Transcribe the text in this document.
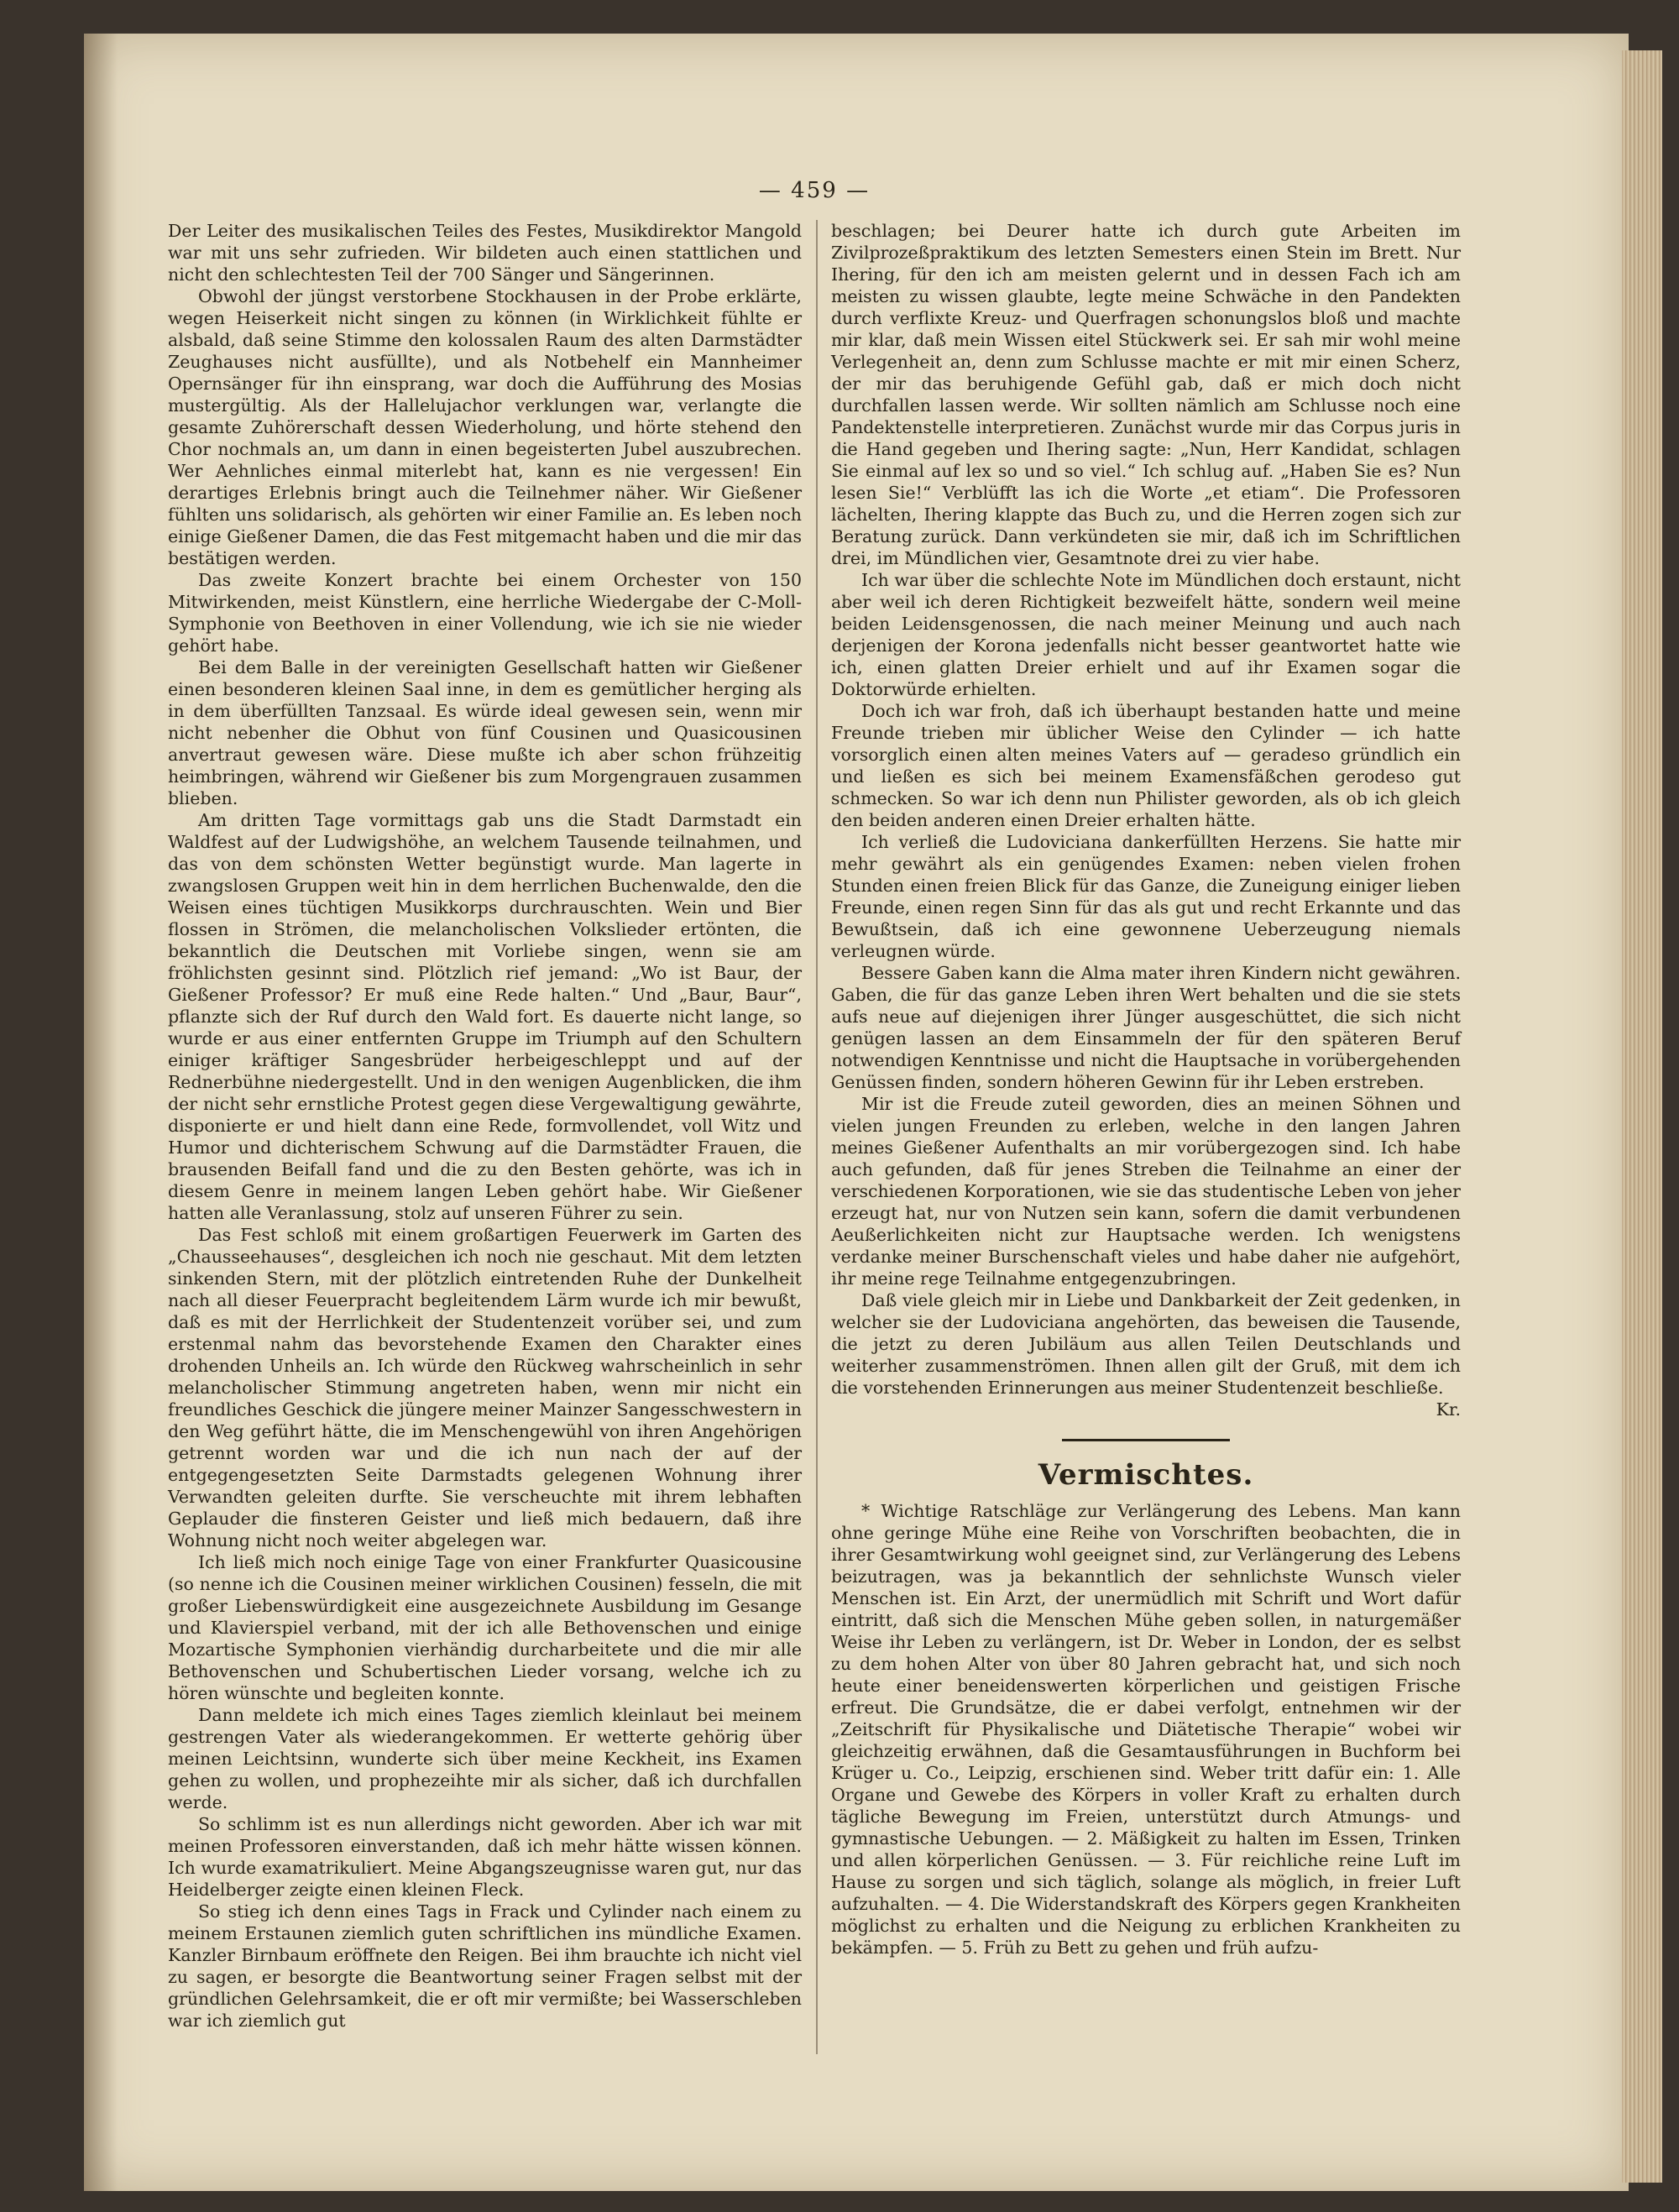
— 459 —

Der Leiter des musikalischen Teiles des Festes, Musikdirektor Mangold war mit uns sehr zufrieden. Wir bildeten auch einen stattlichen und nicht den schlechtesten Teil der 700 Sänger und Sängerinnen.

Obwohl der jüngst verstorbene Stockhausen in der Probe erklärte, wegen Heiserkeit nicht singen zu können (in Wirklichkeit fühlte er alsbald, daß seine Stimme den kolossalen Raum des alten Darmstädter Zeughauses nicht ausfüllte), und als Notbehelf ein Mannheimer Opernsänger für ihn einsprang, war doch die Aufführung des Mosias mustergültig. Als der Hallelujachor verklungen war, verlangte die gesamte Zuhörerschaft dessen Wiederholung, und hörte stehend den Chor nochmals an, um dann in einen begeisterten Jubel auszubrechen. Wer Aehnliches einmal miterlebt hat, kann es nie vergessen! Ein derartiges Erlebnis bringt auch die Teilnehmer näher. Wir Gießener fühlten uns solidarisch, als gehörten wir einer Familie an. Es leben noch einige Gießener Damen, die das Fest mitgemacht haben und die mir das bestätigen werden.

Das zweite Konzert brachte bei einem Orchester von 150 Mitwirkenden, meist Künstlern, eine herrliche Wiedergabe der C-Moll-Symphonie von Beethoven in einer Vollendung, wie ich sie nie wieder gehört habe.

Bei dem Balle in der vereinigten Gesellschaft hatten wir Gießener einen besonderen kleinen Saal inne, in dem es gemütlicher herging als in dem überfüllten Tanzsaal. Es würde ideal gewesen sein, wenn mir nicht nebenher die Obhut von fünf Cousinen und Quasicousinen anvertraut gewesen wäre. Diese mußte ich aber schon frühzeitig heimbringen, während wir Gießener bis zum Morgengrauen zusammen blieben.

Am dritten Tage vormittags gab uns die Stadt Darmstadt ein Waldfest auf der Ludwigshöhe, an welchem Tausende teilnahmen, und das von dem schönsten Wetter begünstigt wurde. Man lagerte in zwangslosen Gruppen weit hin in dem herrlichen Buchenwalde, den die Weisen eines tüchtigen Musikkorps durchrauschten. Wein und Bier flossen in Strömen, die melancholischen Volkslieder ertönten, die bekanntlich die Deutschen mit Vorliebe singen, wenn sie am fröhlichsten gesinnt sind. Plötzlich rief jemand: „Wo ist Baur, der Gießener Professor? Er muß eine Rede halten.“ Und „Baur, Baur“, pflanzte sich der Ruf durch den Wald fort. Es dauerte nicht lange, so wurde er aus einer entfernten Gruppe im Triumph auf den Schultern einiger kräftiger Sangesbrüder herbeigeschleppt und auf der Rednerbühne niedergestellt. Und in den wenigen Augenblicken, die ihm der nicht sehr ernstliche Protest gegen diese Vergewaltigung gewährte, disponierte er und hielt dann eine Rede, formvollendet, voll Witz und Humor und dichterischem Schwung auf die Darmstädter Frauen, die brausenden Beifall fand und die zu den Besten gehörte, was ich in diesem Genre in meinem langen Leben gehört habe. Wir Gießener hatten alle Veranlassung, stolz auf unseren Führer zu sein.

Das Fest schloß mit einem großartigen Feuerwerk im Garten des „Chausseehauses“, desgleichen ich noch nie geschaut. Mit dem letzten sinkenden Stern, mit der plötzlich eintretenden Ruhe der Dunkelheit nach all dieser Feuerpracht begleitendem Lärm wurde ich mir bewußt, daß es mit der Herrlichkeit der Studentenzeit vorüber sei, und zum erstenmal nahm das bevorstehende Examen den Charakter eines drohenden Unheils an. Ich würde den Rückweg wahrscheinlich in sehr melancholischer Stimmung angetreten haben, wenn mir nicht ein freundliches Geschick die jüngere meiner Mainzer Sangesschwestern in den Weg geführt hätte, die im Menschengewühl von ihren Angehörigen getrennt worden war und die ich nun nach der auf der entgegengesetzten Seite Darmstadts gelegenen Wohnung ihrer Verwandten geleiten durfte. Sie verscheuchte mit ihrem lebhaften Geplauder die finsteren Geister und ließ mich bedauern, daß ihre Wohnung nicht noch weiter abgelegen war.

Ich ließ mich noch einige Tage von einer Frankfurter Quasicousine (so nenne ich die Cousinen meiner wirklichen Cousinen) fesseln, die mit großer Liebenswürdigkeit eine ausgezeichnete Ausbildung im Gesange und Klavierspiel verband, mit der ich alle Bethovenschen und einige Mozartische Symphonien vierhändig durcharbeitete und die mir alle Bethovenschen und Schubertischen Lieder vorsang, welche ich zu hören wünschte und begleiten konnte.

Dann meldete ich mich eines Tages ziemlich kleinlaut bei meinem gestrengen Vater als wiederangekommen. Er wetterte gehörig über meinen Leichtsinn, wunderte sich über meine Keckheit, ins Examen gehen zu wollen, und prophezeihte mir als sicher, daß ich durchfallen werde.

So schlimm ist es nun allerdings nicht geworden. Aber ich war mit meinen Professoren einverstanden, daß ich mehr hätte wissen können. Ich wurde examatrikuliert. Meine Abgangszeugnisse waren gut, nur das Heidelberger zeigte einen kleinen Fleck.

So stieg ich denn eines Tags in Frack und Cylinder nach einem zu meinem Erstaunen ziemlich guten schriftlichen ins mündliche Examen. Kanzler Birnbaum eröffnete den Reigen. Bei ihm brauchte ich nicht viel zu sagen, er besorgte die Beantwortung seiner Fragen selbst mit der gründlichen Gelehrsamkeit, die er oft mir vermißte; bei Wasserschleben war ich ziemlich gut

beschlagen; bei Deurer hatte ich durch gute Arbeiten im Zivilprozeßpraktikum des letzten Semesters einen Stein im Brett. Nur Ihering, für den ich am meisten gelernt und in dessen Fach ich am meisten zu wissen glaubte, legte meine Schwäche in den Pandekten durch verflixte Kreuz- und Querfragen schonungslos bloß und machte mir klar, daß mein Wissen eitel Stückwerk sei. Er sah mir wohl meine Verlegenheit an, denn zum Schlusse machte er mit mir einen Scherz, der mir das beruhigende Gefühl gab, daß er mich doch nicht durchfallen lassen werde. Wir sollten nämlich am Schlusse noch eine Pandektenstelle interpretieren. Zunächst wurde mir das Corpus juris in die Hand gegeben und Ihering sagte: „Nun, Herr Kandidat, schlagen Sie einmal auf lex so und so viel.“ Ich schlug auf. „Haben Sie es? Nun lesen Sie!“ Verblüfft las ich die Worte „et etiam“. Die Professoren lächelten, Ihering klappte das Buch zu, und die Herren zogen sich zur Beratung zurück. Dann verkündeten sie mir, daß ich im Schriftlichen drei, im Mündlichen vier, Gesamtnote drei zu vier habe.

Ich war über die schlechte Note im Mündlichen doch erstaunt, nicht aber weil ich deren Richtigkeit bezweifelt hätte, sondern weil meine beiden Leidensgenossen, die nach meiner Meinung und auch nach derjenigen der Korona jedenfalls nicht besser geantwortet hatte wie ich, einen glatten Dreier erhielt und auf ihr Examen sogar die Doktorwürde erhielten.

Doch ich war froh, daß ich überhaupt bestanden hatte und meine Freunde trieben mir üblicher Weise den Cylinder — ich hatte vorsorglich einen alten meines Vaters auf — geradeso gründlich ein und ließen es sich bei meinem Examensfäßchen gerodeso gut schmecken. So war ich denn nun Philister geworden, als ob ich gleich den beiden anderen einen Dreier erhalten hätte.

Ich verließ die Ludoviciana dankerfüllten Herzens. Sie hatte mir mehr gewährt als ein genügendes Examen: neben vielen frohen Stunden einen freien Blick für das Ganze, die Zuneigung einiger lieben Freunde, einen regen Sinn für das als gut und recht Erkannte und das Bewußtsein, daß ich eine gewonnene Ueberzeugung niemals verleugnen würde.

Bessere Gaben kann die Alma mater ihren Kindern nicht gewähren. Gaben, die für das ganze Leben ihren Wert behalten und die sie stets aufs neue auf diejenigen ihrer Jünger ausgeschüttet, die sich nicht genügen lassen an dem Einsammeln der für den späteren Beruf notwendigen Kenntnisse und nicht die Hauptsache in vorübergehenden Genüssen finden, sondern höheren Gewinn für ihr Leben erstreben.

Mir ist die Freude zuteil geworden, dies an meinen Söhnen und vielen jungen Freunden zu erleben, welche in den langen Jahren meines Gießener Aufenthalts an mir vorübergezogen sind. Ich habe auch gefunden, daß für jenes Streben die Teilnahme an einer der verschiedenen Korporationen, wie sie das studentische Leben von jeher erzeugt hat, nur von Nutzen sein kann, sofern die damit verbundenen Aeußerlichkeiten nicht zur Hauptsache werden. Ich wenigstens verdanke meiner Burschenschaft vieles und habe daher nie aufgehört, ihr meine rege Teilnahme entgegenzubringen.

Daß viele gleich mir in Liebe und Dankbarkeit der Zeit gedenken, in welcher sie der Ludoviciana angehörten, das beweisen die Tausende, die jetzt zu deren Jubiläum aus allen Teilen Deutschlands und weiterher zusammenströmen. Ihnen allen gilt der Gruß, mit dem ich die vorstehenden Erinnerungen aus meiner Studentenzeit beschließe.

Kr.

Vermischtes.

* Wichtige Ratschläge zur Verlängerung des Lebens. Man kann ohne geringe Mühe eine Reihe von Vorschriften beobachten, die in ihrer Gesamtwirkung wohl geeignet sind, zur Verlängerung des Lebens beizutragen, was ja bekanntlich der sehnlichste Wunsch vieler Menschen ist. Ein Arzt, der unermüdlich mit Schrift und Wort dafür eintritt, daß sich die Menschen Mühe geben sollen, in naturgemäßer Weise ihr Leben zu verlängern, ist Dr. Weber in London, der es selbst zu dem hohen Alter von über 80 Jahren gebracht hat, und sich noch heute einer beneidenswerten körperlichen und geistigen Frische erfreut. Die Grundsätze, die er dabei verfolgt, entnehmen wir der „Zeitschrift für Physikalische und Diätetische Therapie“ wobei wir gleichzeitig erwähnen, daß die Gesamtausführungen in Buchform bei Krüger u. Co., Leipzig, erschienen sind. Weber tritt dafür ein: 1. Alle Organe und Gewebe des Körpers in voller Kraft zu erhalten durch tägliche Bewegung im Freien, unterstützt durch Atmungs- und gymnastische Uebungen. — 2. Mäßigkeit zu halten im Essen, Trinken und allen körperlichen Genüssen. — 3. Für reichliche reine Luft im Hause zu sorgen und sich täglich, solange als möglich, in freier Luft aufzuhalten. — 4. Die Widerstandskraft des Körpers gegen Krankheiten möglichst zu erhalten und die Neigung zu erblichen Krankheiten zu bekämpfen. — 5. Früh zu Bett zu gehen und früh aufzu-
